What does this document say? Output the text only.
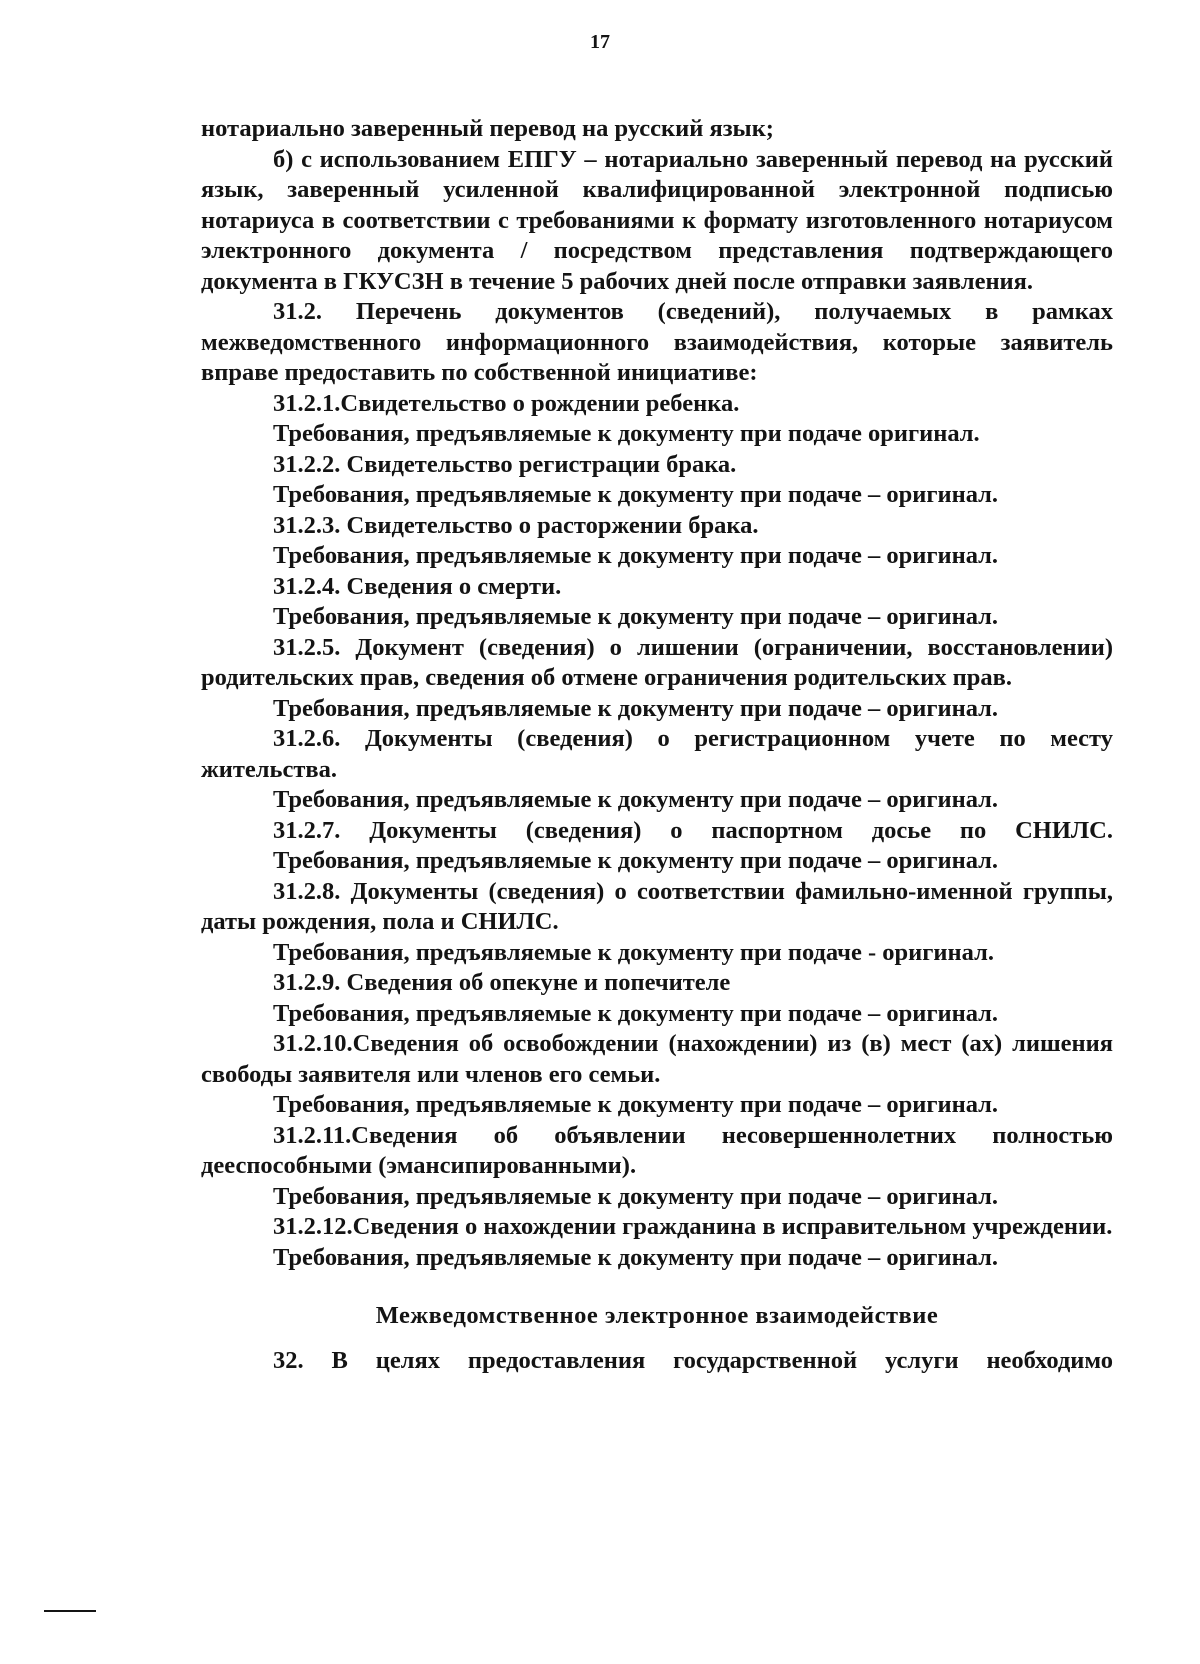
17

нотариально заверенный перевод на русский язык;

б) с использованием ЕПГУ – нотариально заверенный перевод на русский язык, заверенный усиленной квалифицированной электронной подписью нотариуса в соответствии с требованиями к формату изготовленного нотариусом электронного документа / посредством представления подтверждающего документа в ГКУСЗН в течение 5 рабочих дней после отправки заявления.

31.2. Перечень документов (сведений), получаемых в рамках межведомственного информационного взаимодействия, которые заявитель вправе предоставить по собственной инициативе:

31.2.1.Свидетельство о рождении ребенка.

Требования, предъявляемые к документу при подаче оригинал.

31.2.2. Свидетельство регистрации брака.

Требования, предъявляемые к документу при подаче – оригинал.

31.2.3. Свидетельство о расторжении брака.

Требования, предъявляемые к документу при подаче – оригинал.

31.2.4. Сведения о смерти.

Требования, предъявляемые к документу при подаче – оригинал.

31.2.5. Документ (сведения) о лишении (ограничении, восстановлении) родительских прав, сведения об отмене ограничения родительских прав.

Требования, предъявляемые к документу при подаче – оригинал.

31.2.6. Документы (сведения) о регистрационном учете по месту жительства.

Требования, предъявляемые к документу при подаче – оригинал.

31.2.7. Документы (сведения) о паспортном досье по СНИЛС.

Требования, предъявляемые к документу при подаче – оригинал.

31.2.8. Документы (сведения) о соответствии фамильно-именной группы, даты рождения, пола и СНИЛС.

Требования, предъявляемые к документу при подаче - оригинал.

31.2.9. Сведения об опекуне и попечителе

Требования, предъявляемые к документу при подаче – оригинал.

31.2.10.Сведения об освобождении (нахождении) из (в) мест (ах) лишения свободы заявителя или членов его семьи.

Требования, предъявляемые к документу при подаче – оригинал.

31.2.11.Сведения об объявлении несовершеннолетних полностью дееспособными (эмансипированными).

Требования, предъявляемые к документу при подаче – оригинал.

31.2.12.Сведения о нахождении гражданина в исправительном учреждении.

Требования, предъявляемые к документу при подаче – оригинал.

Межведомственное электронное взаимодействие

32. В целях предоставления государственной услуги необходимо
